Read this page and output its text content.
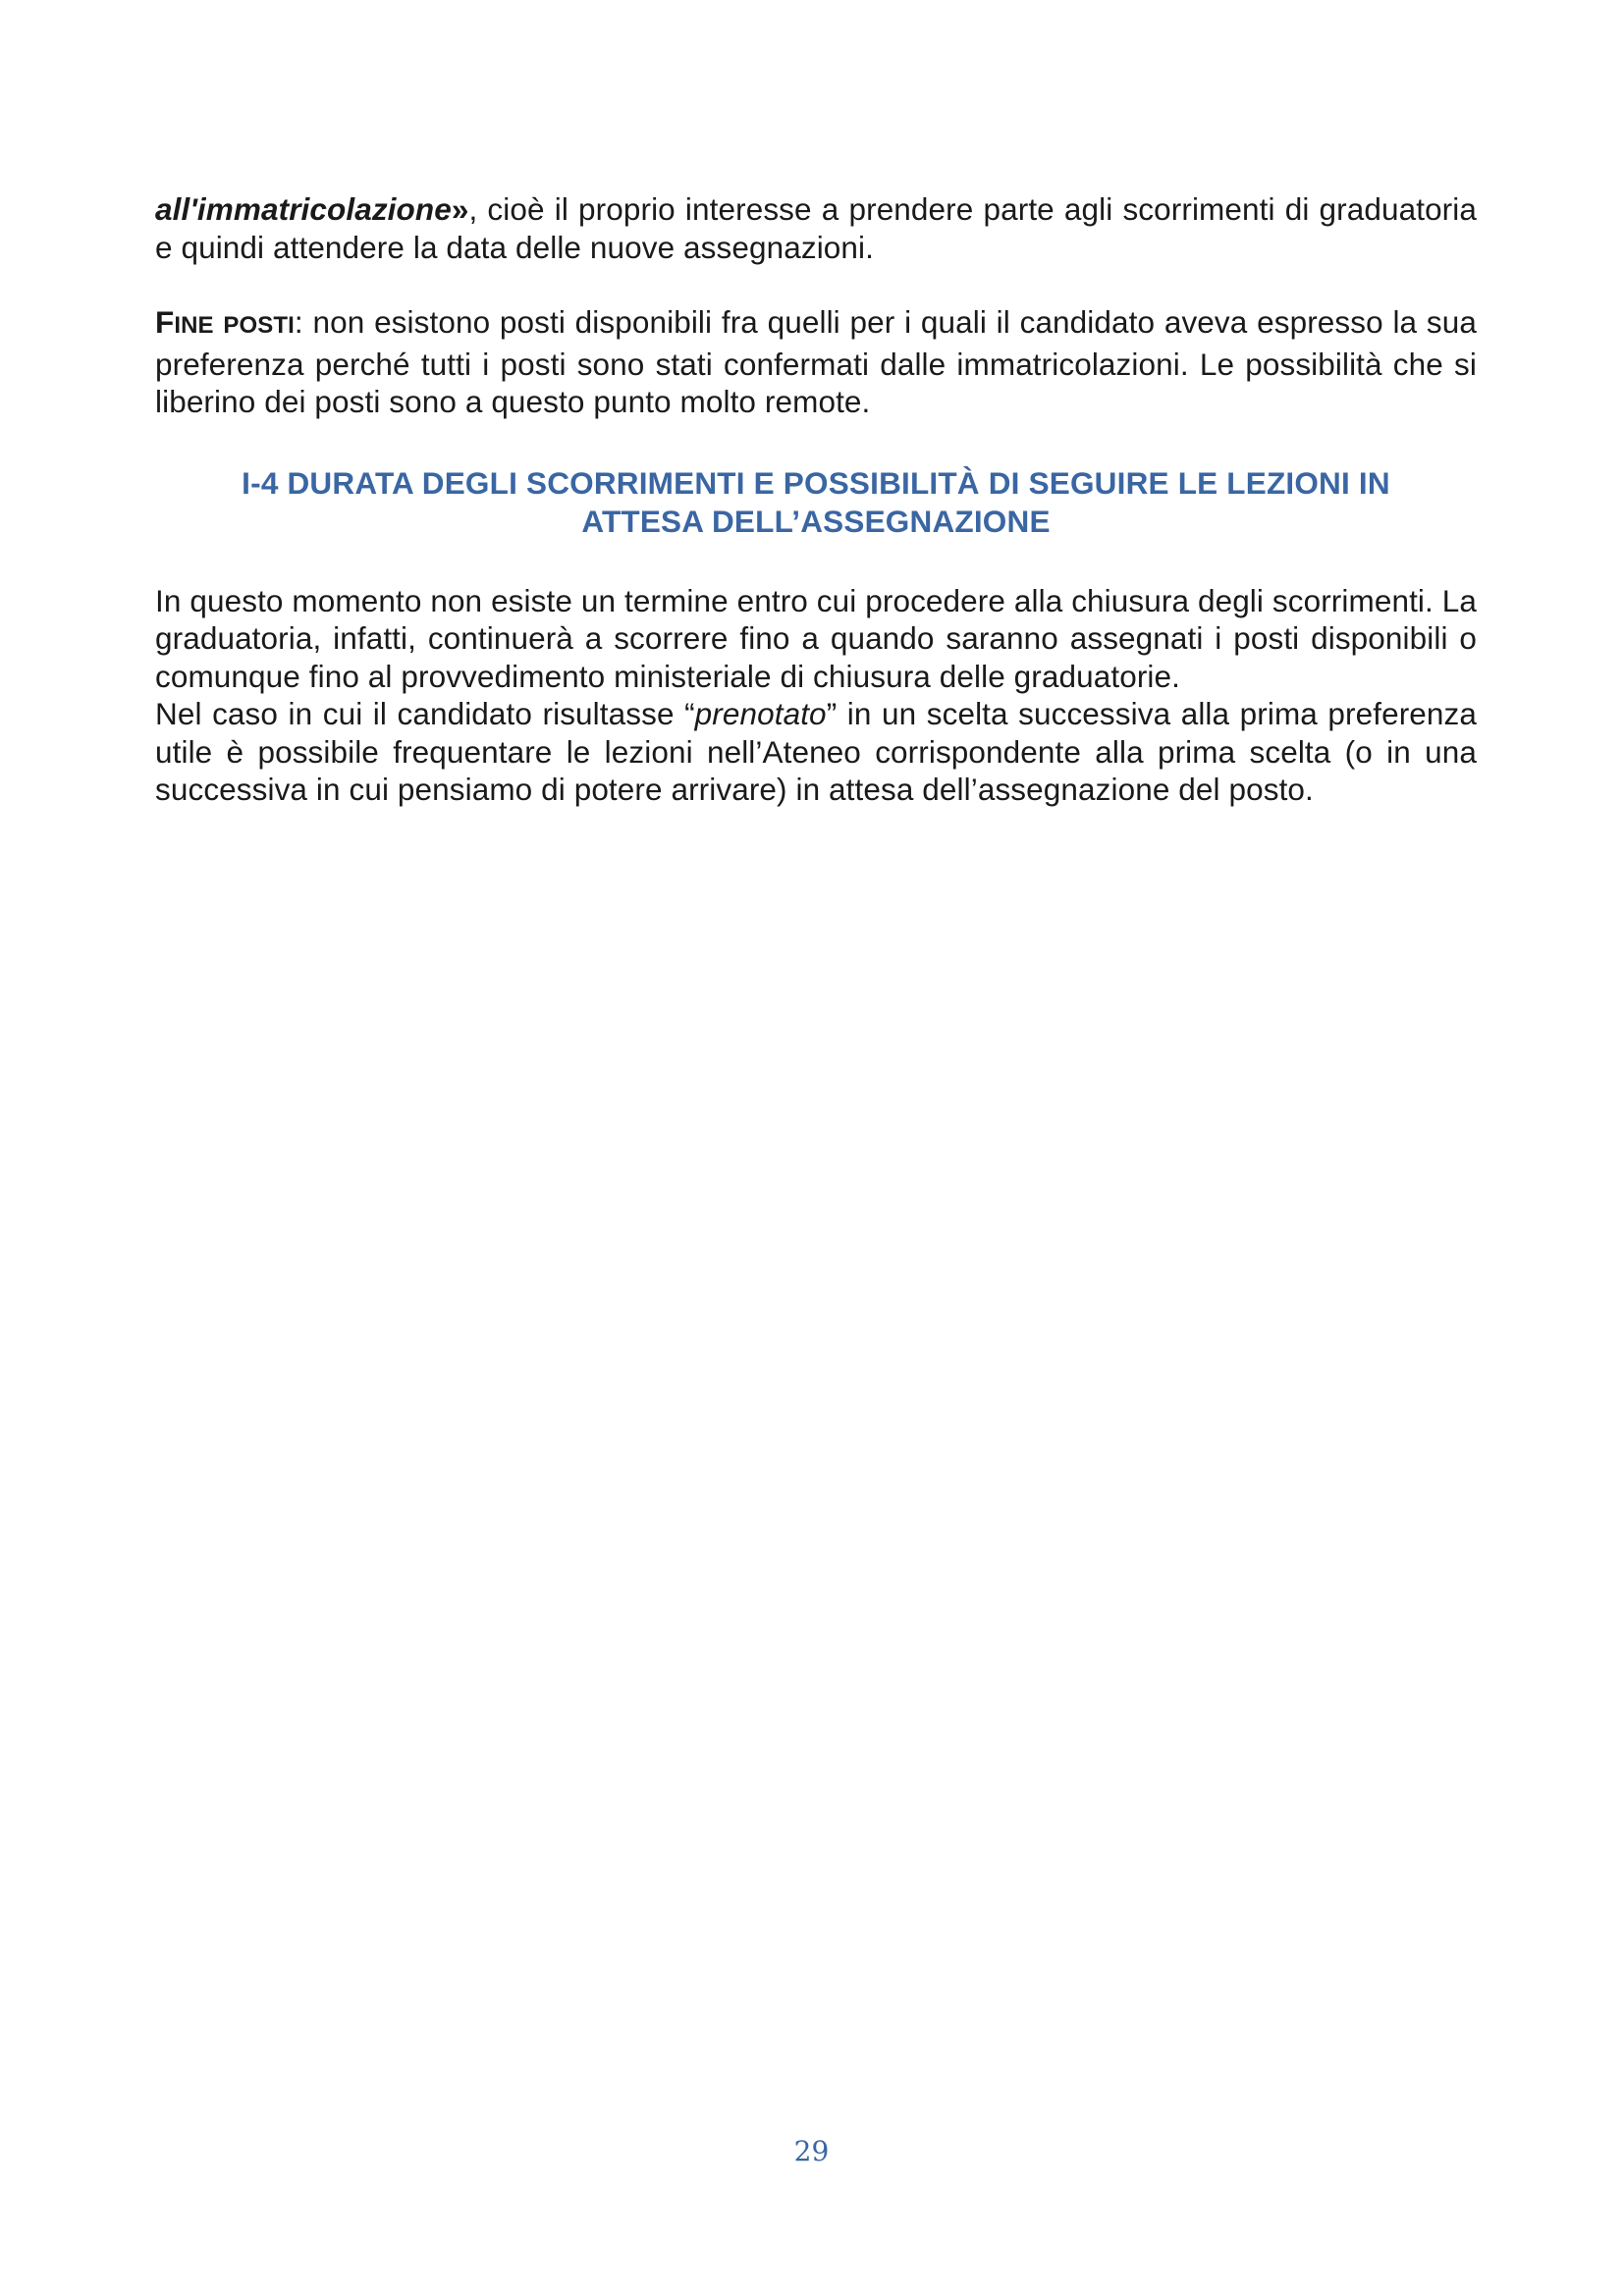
all'immatricolazione», cioè il proprio interesse a prendere parte agli scorrimenti di graduatoria e quindi attendere la data delle nuove assegnazioni.

FINE POSTI: non esistono posti disponibili fra quelli per i quali il candidato aveva espresso la sua preferenza perché tutti i posti sono stati confermati dalle immatricolazioni. Le possibilità che si liberino dei posti sono a questo punto molto remote.

I-4 DURATA DEGLI SCORRIMENTI E POSSIBILITÀ DI SEGUIRE LE LEZIONI IN
ATTESA DELL’ASSEGNAZIONE

In questo momento non esiste un termine entro cui procedere alla chiusura degli scorrimenti. La graduatoria, infatti, continuerà a scorrere fino a quando saranno assegnati i posti disponibili o comunque fino al provvedimento ministeriale di chiusura delle graduatorie.

Nel caso in cui il candidato risultasse “prenotato” in un scelta successiva alla prima preferenza utile è possibile frequentare le lezioni nell’Ateneo corrispondente alla prima scelta (o in una successiva in cui pensiamo di potere arrivare) in attesa dell’assegnazione del posto.

29
